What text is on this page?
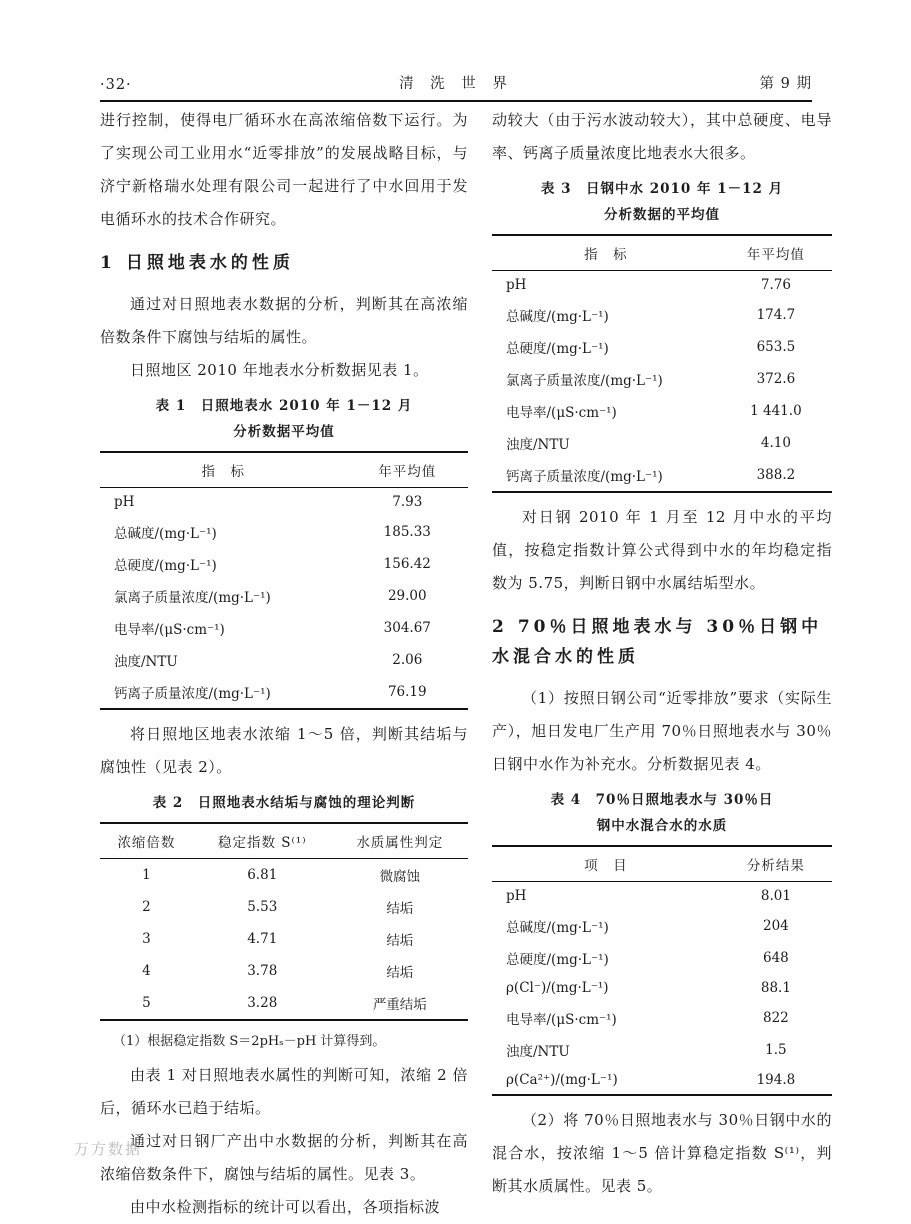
·32·	清 洗 世 界	第 9 期

进行控制，使得电厂循环水在高浓缩倍数下运行。为了实现公司工业用水“近零排放”的发展战略目标，与济宁新格瑞水处理有限公司一起进行了中水回用于发电循环水的技术合作研究。

1 日照地表水的性质

通过对日照地表水数据的分析，判断其在高浓缩倍数条件下腐蚀与结垢的属性。

日照地区 2010 年地表水分析数据见表 1。

表 1　日照地表水 2010 年 1－12 月
分析数据平均值
指　标	年平均值
pH	7.93
总碱度/(mg·L⁻¹)	185.33
总硬度/(mg·L⁻¹)	156.42
氯离子质量浓度/(mg·L⁻¹)	29.00
电导率/(μS·cm⁻¹)	304.67
浊度/NTU	2.06
钙离子质量浓度/(mg·L⁻¹)	76.19

将日照地区地表水浓缩 1～5 倍，判断其结垢与腐蚀性（见表 2）。

表 2　日照地表水结垢与腐蚀的理论判断
浓缩倍数	稳定指数 S⁽¹⁾	水质属性判定
1	6.81	微腐蚀
2	5.53	结垢
3	4.71	结垢
4	3.78	结垢
5	3.28	严重结垢

（1）根据稳定指数 S＝2pHₛ－pH 计算得到。

由表 1 对日照地表水属性的判断可知，浓缩 2 倍后，循环水已趋于结垢。

通过对日钢厂产出中水数据的分析，判断其在高浓缩倍数条件下，腐蚀与结垢的属性。见表 3。

由中水检测指标的统计可以看出，各项指标波

动较大（由于污水波动较大），其中总硬度、电导率、钙离子质量浓度比地表水大很多。

表 3　日钢中水 2010 年 1－12 月
分析数据的平均值
指　标	年平均值
pH	7.76
总碱度/(mg·L⁻¹)	174.7
总硬度/(mg·L⁻¹)	653.5
氯离子质量浓度/(mg·L⁻¹)	372.6
电导率/(μS·cm⁻¹)	1 441.0
浊度/NTU	4.10
钙离子质量浓度/(mg·L⁻¹)	388.2

对日钢 2010 年 1 月至 12 月中水的平均值，按稳定指数计算公式得到中水的年均稳定指数为 5.75，判断日钢中水属结垢型水。

2 70％日照地表水与 30％日钢中水混合水的性质

（1）按照日钢公司“近零排放”要求（实际生产），旭日发电厂生产用 70％日照地表水与 30％日钢中水作为补充水。分析数据见表 4。

表 4　70％日照地表水与 30％日
钢中水混合水的水质
项　目	分析结果
pH	8.01
总碱度/(mg·L⁻¹)	204
总硬度/(mg·L⁻¹)	648
ρ(Cl⁻)/(mg·L⁻¹)	88.1
电导率/(μS·cm⁻¹)	822
浊度/NTU	1.5
ρ(Ca²⁺)/(mg·L⁻¹)	194.8

（2）将 70％日照地表水与 30％日钢中水的混合水，按浓缩 1～5 倍计算稳定指数 S⁽¹⁾，判断其水质属性。见表 5。

万方数据
